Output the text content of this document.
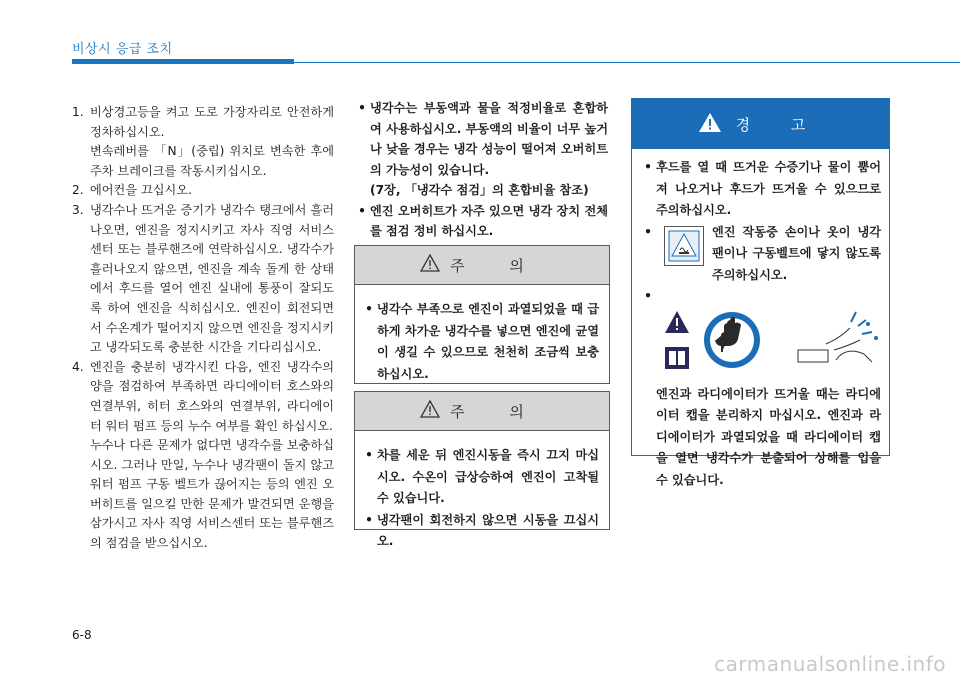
비상시 응급 조치
1. 비상경고등을 켜고 도로 가장자리로 안전하게 정차하십시오.

변속레버를 「N」(중립) 위치로 변속한 후에 주차 브레이크를 작동시키십시오.

2. 에어컨을 끄십시오.

3. 냉각수나 뜨거운 증기가 냉각수 탱크에서 흘러 나오면, 엔진을 정지시키고 자사 직영 서비스센터 또는 블루핸즈에 연락하십시오. 냉각수가 흘러나오지 않으면, 엔진을 계속 돌게 한 상태에서 후드를 열어 엔진 실내에 통풍이 잘되도록 하여 엔진을 식히십시오. 엔진이 회전되면서 수온계가 떨어지지 않으면 엔진을 정지시키고 냉각되도록 충분한 시간을 기다리십시오.

4. 엔진을 충분히 냉각시킨 다음, 엔진 냉각수의 양을 점검하여 부족하면 라디에이터 호스와의 연결부위, 히터 호스와의 연결부위, 라디에이터 워터 펌프 등의 누수 여부를 확인 하십시오.

누수나 다른 문제가 없다면 냉각수를 보충하십시오. 그러나 만일, 누수나 냉각팬이 돌지 않고 워터 펌프 구동 벨트가 끊어지는 등의 엔진 오버히트를 일으킬 만한 문제가 발견되면 운행을 삼가시고 자사 직영 서비스센터 또는 블루핸즈의 점검을 받으십시오.

• 냉각수는 부동액과 물을 적정비율로 혼합하여 사용하십시오. 부동액의 비율이 너무 높거나 낮을 경우는 냉각 성능이 떨어져 오버히트의 가능성이 있습니다.

(7장, 「냉각수 점검」의 혼합비율 참조)

• 엔진 오버히트가 자주 있으면 냉각 장치 전체를 점검 정비 하십시오.

주 의
• 냉각수 부족으로 엔진이 과열되었을 때 급하게 차가운 냉각수를 넣으면 엔진에 균열이 생길 수 있으므로 천천히 조금씩 보충하십시오.

주 의
• 차를 세운 뒤 엔진시동을 즉시 끄지 마십시오. 수온이 급상승하여 엔진이 고착될 수 있습니다.

• 냉각팬이 회전하지 않으면 시동을 끄십시오.

경 고
• 후드를 열 때 뜨거운 수증기나 물이 뿜어져 나오거나 후드가 뜨거울 수 있으므로 주의하십시오.

•	엔진 작동중 손이나 옷이 냉각팬이나 구동벨트에 닿지 않도록 주의하십시오.

•

엔진과 라디에이터가 뜨거울 때는 라디에이터 캡을 분리하지 마십시오. 엔진과 라디에이터가 과열되었을 때 라디에이터 캡을 열면 냉각수가 분출되어 상해를 입을 수 있습니다.

6-8
carmanualsonline.info
